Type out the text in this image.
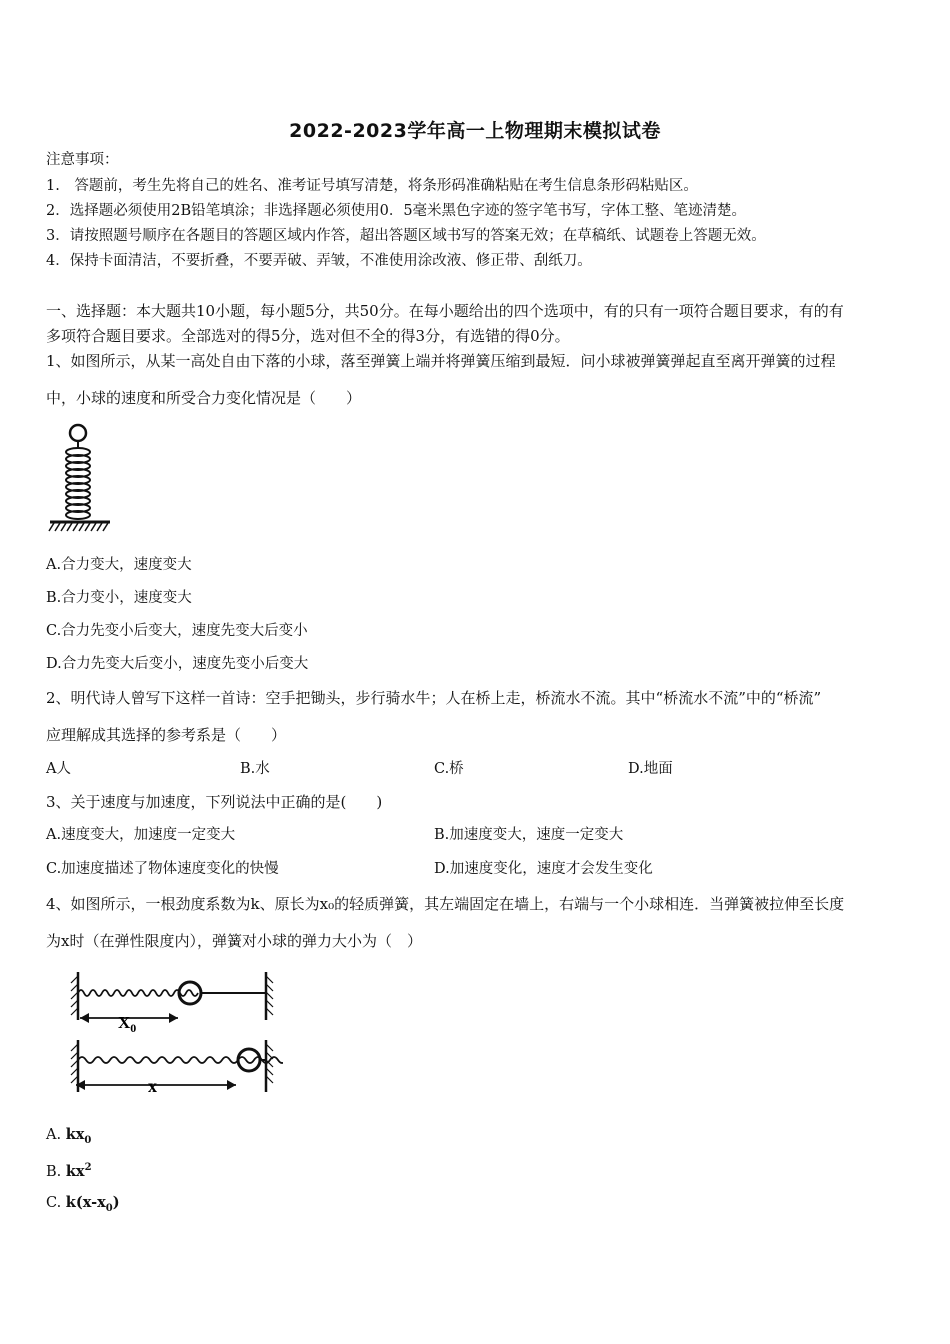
2022-2023学年高一上物理期末模拟试卷
注意事项：
1.　答题前，考生先将自己的姓名、准考证号填写清楚，将条形码准确粘贴在考生信息条形码粘贴区。
2．选择题必须使用2B铅笔填涂；非选择题必须使用0．5毫米黑色字迹的签字笔书写，字体工整、笔迹清楚。
3．请按照题号顺序在各题目的答题区域内作答，超出答题区域书写的答案无效；在草稿纸、试题卷上答题无效。
4．保持卡面清洁，不要折叠，不要弄破、弄皱，不准使用涂改液、修正带、刮纸刀。
一、选择题：本大题共10小题，每小题5分，共50分。在每小题给出的四个选项中，有的只有一项符合题目要求，有的有
多项符合题目要求。全部选对的得5分，选对但不全的得3分，有选错的得0分。
1、如图所示，从某一高处自由下落的小球，落至弹簧上端并将弹簧压缩到最短．问小球被弹簧弹起直至离开弹簧的过程
中，小球的速度和所受合力变化情况是（　　）
A.合力变大，速度变大
B.合力变小，速度变大
C.合力先变小后变大，速度先变大后变小
D.合力先变大后变小，速度先变小后变大
2、明代诗人曾写下这样一首诗：空手把锄头，步行骑水牛；人在桥上走，桥流水不流。其中“桥流水不流”中的“桥流”
应理解成其选择的参考系是（　　）
A人	B.水	C.桥	D.地面
3、关于速度与加速度，下列说法中正确的是(　　)
A.速度变大，加速度一定变大	B.加速度变大，速度一定变大
C.加速度描述了物体速度变化的快慢	D.加速度变化，速度才会发生变化
4、如图所示，一根劲度系数为k、原长为x₀的轻质弹簧，其左端固定在墙上，右端与一个小球相连．当弹簧被拉伸至长度
为x时（在弹性限度内），弹簧对小球的弹力大小为（　）
$X_0$
x
A. $kx_0$
B. $kx^2$
C. $k(x-x_0)$
